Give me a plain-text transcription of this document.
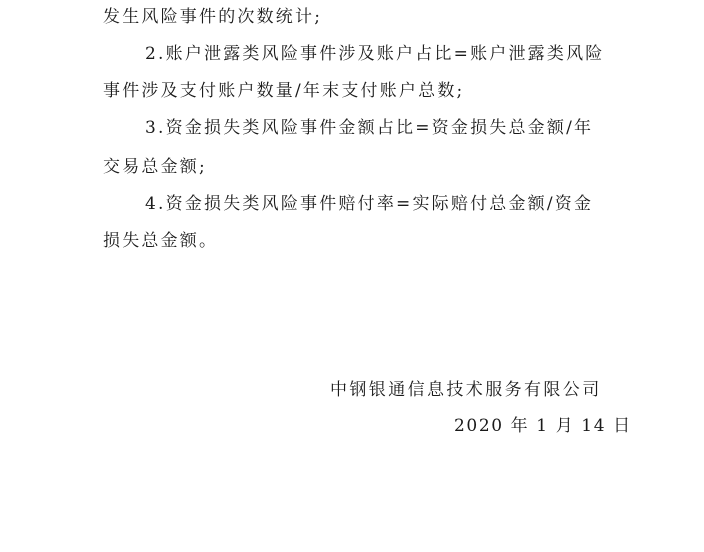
发生风险事件的次数统计;
2.账户泄露类风险事件涉及账户占比=账户泄露类风险
事件涉及支付账户数量/年末支付账户总数;
3.资金损失类风险事件金额占比=资金损失总金额/年
交易总金额;
4.资金损失类风险事件赔付率=实际赔付总金额/资金
损失总金额。
中钢银通信息技术服务有限公司
2020 年 1 月 14 日
